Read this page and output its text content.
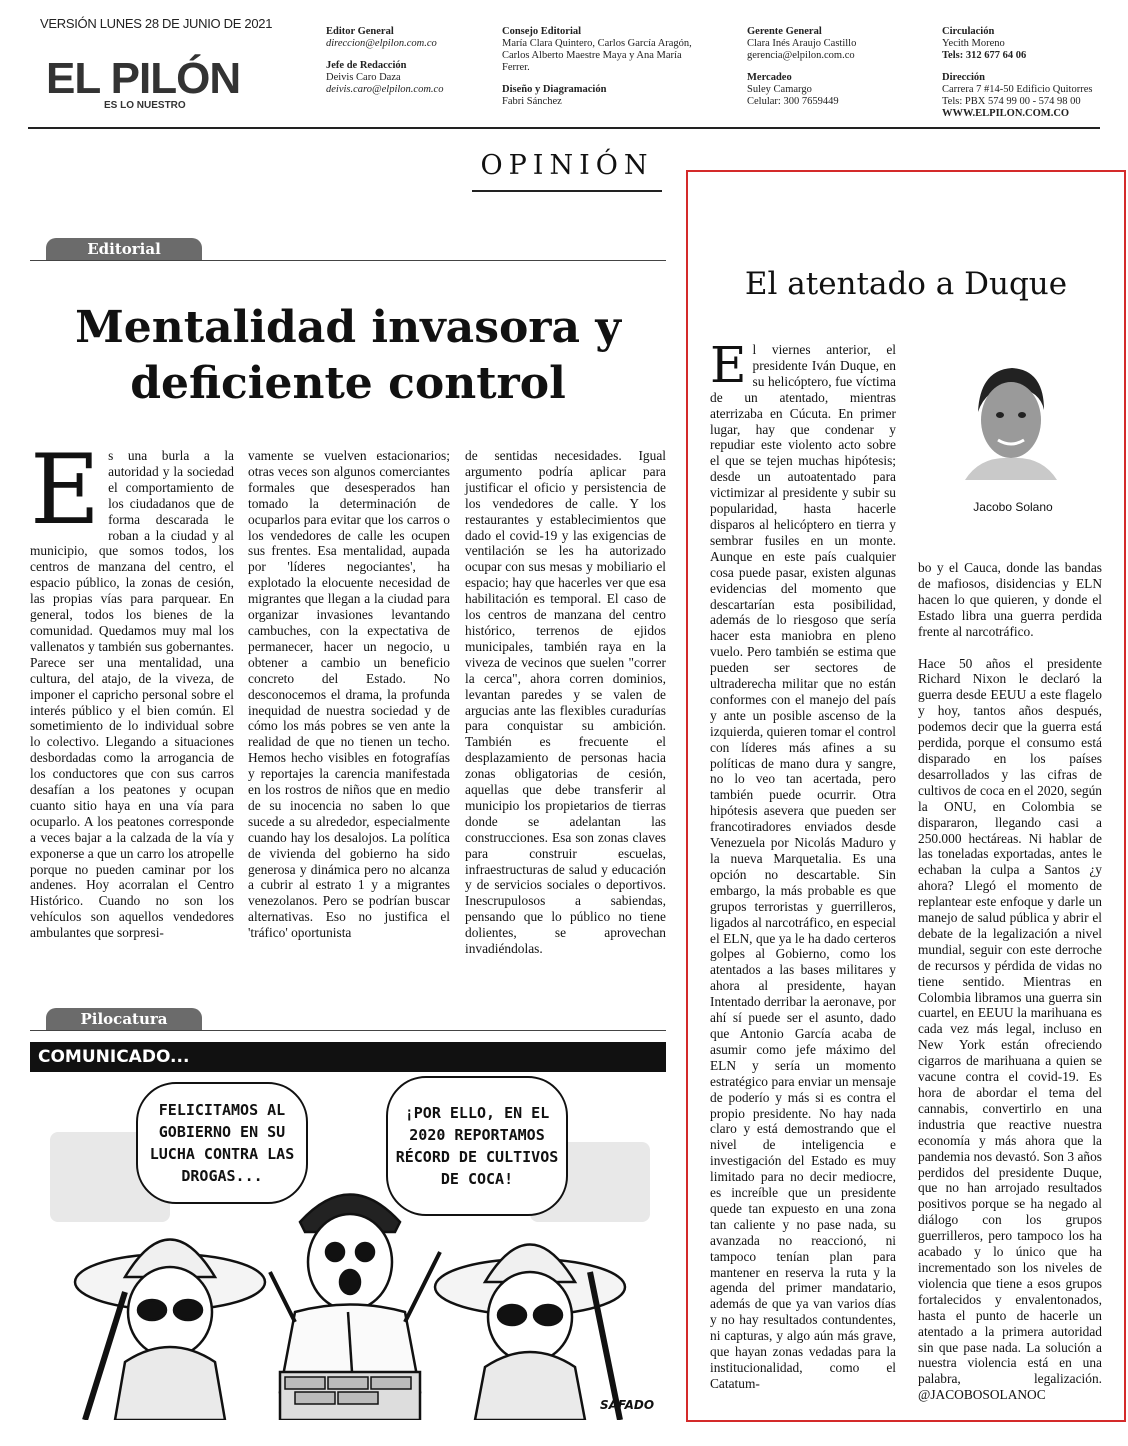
VERSIÓN LUNES 28 DE JUNIO DE 2021
EL PILÓN
ES LO NUESTRO
Editor General
direccion@elpilon.com.co
Jefe de Redacción
Deivis Caro Daza
deivis.caro@elpilon.com.co
Consejo Editorial
María Clara Quintero, Carlos García Aragón,
Carlos Alberto Maestre Maya y Ana María
Ferrer.
Diseño y Diagramación
Fabri Sánchez
Gerente General
Clara Inés Araujo Castillo
gerencia@elpilon.com.co
Mercadeo
Suley Camargo
Celular: 300 7659449
Circulación
Yecith Moreno
Tels: 312 677 64 06
Dirección
Carrera 7 #14-50 Edificio Quitorres
Tels: PBX 574 99 00 - 574 98 00
WWW.ELPILON.COM.CO
OPINIÓN
Editorial
Mentalidad invasora y deficiente control
E s una burla a la autoridad y la sociedad el comportamiento de los ciudadanos que de forma descarada le roban a la ciudad y al municipio, que somos todos, los centros de manzana del centro, el espacio público, la zonas de cesión, las propias vías para parquear. En general, todos los bienes de la comunidad. Quedamos muy mal los vallenatos y también sus gobernantes. Parece ser una mentalidad, una cultura, del atajo, de la viveza, de imponer el capricho personal sobre el interés público y el bien común. El sometimiento de lo individual sobre lo colectivo. Llegando a situaciones desbordadas como la arrogancia de los conductores que con sus carros desafían a los peatones y ocupan cuanto sitio haya en una vía para ocuparlo. A los peatones corresponde a veces bajar a la calzada de la vía y exponerse a que un carro los atropelle porque no pueden caminar por los andenes. Hoy acorralan el Centro Histórico. Cuando no son los vehículos son aquellos vendedores ambulantes que sorpresi-
vamente se vuelven estacionarios; otras veces son algunos comerciantes formales que desesperados han tomado la determinación de ocuparlos para evitar que los carros o los vendedores de calle les ocupen sus frentes. Esa mentalidad, aupada por 'líderes negociantes', ha explotado la elocuente necesidad de migrantes que llegan a la ciudad para organizar invasiones levantando cambuches, con la expectativa de permanecer, hacer un negocio, u obtener a cambio un beneficio concreto del Estado. No desconocemos el drama, la profunda inequidad de nuestra sociedad y de cómo los más pobres se ven ante la realidad de que no tienen un techo. Hemos hecho visibles en fotografías y reportajes la carencia manifestada en los rostros de niños que en medio de su inocencia no saben lo que sucede a su alrededor, especialmente cuando hay los desalojos. La política de vivienda del gobierno ha sido generosa y dinámica pero no alcanza a cubrir al estrato 1 y a migrantes venezolanos. Pero se podrían buscar alternativas. Eso no justifica el 'tráfico' oportunista
de sentidas necesidades. Igual argumento podría aplicar para justificar el oficio y persistencia de los vendedores de calle. Y los restaurantes y establecimientos que dado el covid-19 y las exigencias de ventilación se les ha autorizado ocupar con sus mesas y mobiliario el espacio; hay que hacerles ver que esa habilitación es temporal. El caso de los centros de manzana del centro histórico, terrenos de ejidos municipales, también raya en la viveza de vecinos que suelen "correr la cerca", ahora corren dominios, levantan paredes y se valen de argucias ante las flexibles curadurías para conquistar su ambición. También es frecuente el desplazamiento de personas hacia zonas obligatorias de cesión, aquellas que debe transferir al municipio los propietarios de tierras donde se adelantan las construcciones. Esa son zonas claves para construir escuelas, infraestructuras de salud y educación y de servicios sociales o deportivos. Inescrupulosos a sabiendas, pensando que lo público no tiene dolientes, se aprovechan invadiéndolas.
Pilocatura
COMUNICADO...
FELICITAMOS AL GOBIERNO EN SU LUCHA CONTRA LAS DROGAS...
¡POR ELLO, EN EL 2020 REPORTAMOS RÉCORD DE CULTIVOS DE COCA!
SAFADO
El atentado a Duque
Jacobo Solano
E l viernes anterior, el presidente Iván Duque, en su helicóptero, fue víctima de un atentado, mientras aterrizaba en Cúcuta. En primer lugar, hay que condenar y repudiar este violento acto sobre el que se tejen muchas hipótesis; desde un autoatentado para victimizar al presidente y subir su popularidad, hasta hacerle disparos al helicóptero en tierra y sembrar fusiles en un monte. Aunque en este país cualquier cosa puede pasar, existen algunas evidencias del momento que descartarían esta posibilidad, además de lo riesgoso que sería hacer esta maniobra en pleno vuelo. Pero también se estima que pueden ser sectores de ultraderecha militar que no están conformes con el manejo del país y ante un posible ascenso de la izquierda, quieren tomar el control con líderes más afines a su políticas de mano dura y sangre, no lo veo tan acertada, pero también puede ocurrir. Otra hipótesis asevera que pueden ser francotiradores enviados desde Venezuela por Nicolás Maduro y la nueva Marquetalia. Es una opción no descartable. Sin embargo, la más probable es que grupos terroristas y guerrilleros, ligados al narcotráfico, en especial el ELN, que ya le ha dado certeros golpes al Gobierno, como los atentados a las bases militares y ahora al presidente, hayan Intentado derribar la aeronave, por ahí sí puede ser el asunto, dado que Antonio García acaba de asumir como jefe máximo del ELN y sería un momento estratégico para enviar un mensaje de poderío y más si es contra el propio presidente. No hay nada claro y está demostrando que el nivel de inteligencia e investigación del Estado es muy limitado para no decir mediocre, es increíble que un presidente quede tan expuesto en una zona tan caliente y no pase nada, su avanzada no reaccionó, ni tampoco tenían plan para mantener en reserva la ruta y la agenda del primer mandatario, además de que ya van varios días y no hay resultados contundentes, ni capturas, y algo aún más grave, que hayan zonas vedadas para la institucionalidad, como el Catatum-

bo y el Cauca, donde las bandas de mafiosos, disidencias y ELN hacen lo que quieren, y donde el Estado libra una guerra perdida frente al narcotráfico.

Hace 50 años el presidente Richard Nixon le declaró la guerra desde EEUU a este flagelo y hoy, tantos años después, podemos decir que la guerra está perdida, porque el consumo está disparado en los países desarrollados y las cifras de cultivos de coca en el 2020, según la ONU, en Colombia se dispararon, llegando casi a 250.000 hectáreas. Ni hablar de las toneladas exportadas, antes le echaban la culpa a Santos ¿y ahora? Llegó el momento de replantear este enfoque y darle un manejo de salud pública y abrir el debate de la legalización a nivel mundial, seguir con este derroche de recursos y pérdida de vidas no tiene sentido. Mientras en Colombia libramos una guerra sin cuartel, en EEUU la marihuana es cada vez más legal, incluso en New York están ofreciendo cigarros de marihuana a quien se vacune contra el covid-19. Es hora de abordar el tema del cannabis, convertirlo en una industria que reactive nuestra economía y más ahora que la pandemia nos devastó. Son 3 años perdidos del presidente Duque, que no han arrojado resultados positivos porque se ha negado al diálogo con los grupos guerrilleros, pero tampoco los ha acabado y lo único que ha incrementado son los niveles de violencia que tiene a esos grupos fortalecidos y envalentonados, hasta el punto de hacerle un atentado a la primera autoridad sin que pase nada. La solución a nuestra violencia está en una palabra, legalización. @JACOBOSOLANOC
